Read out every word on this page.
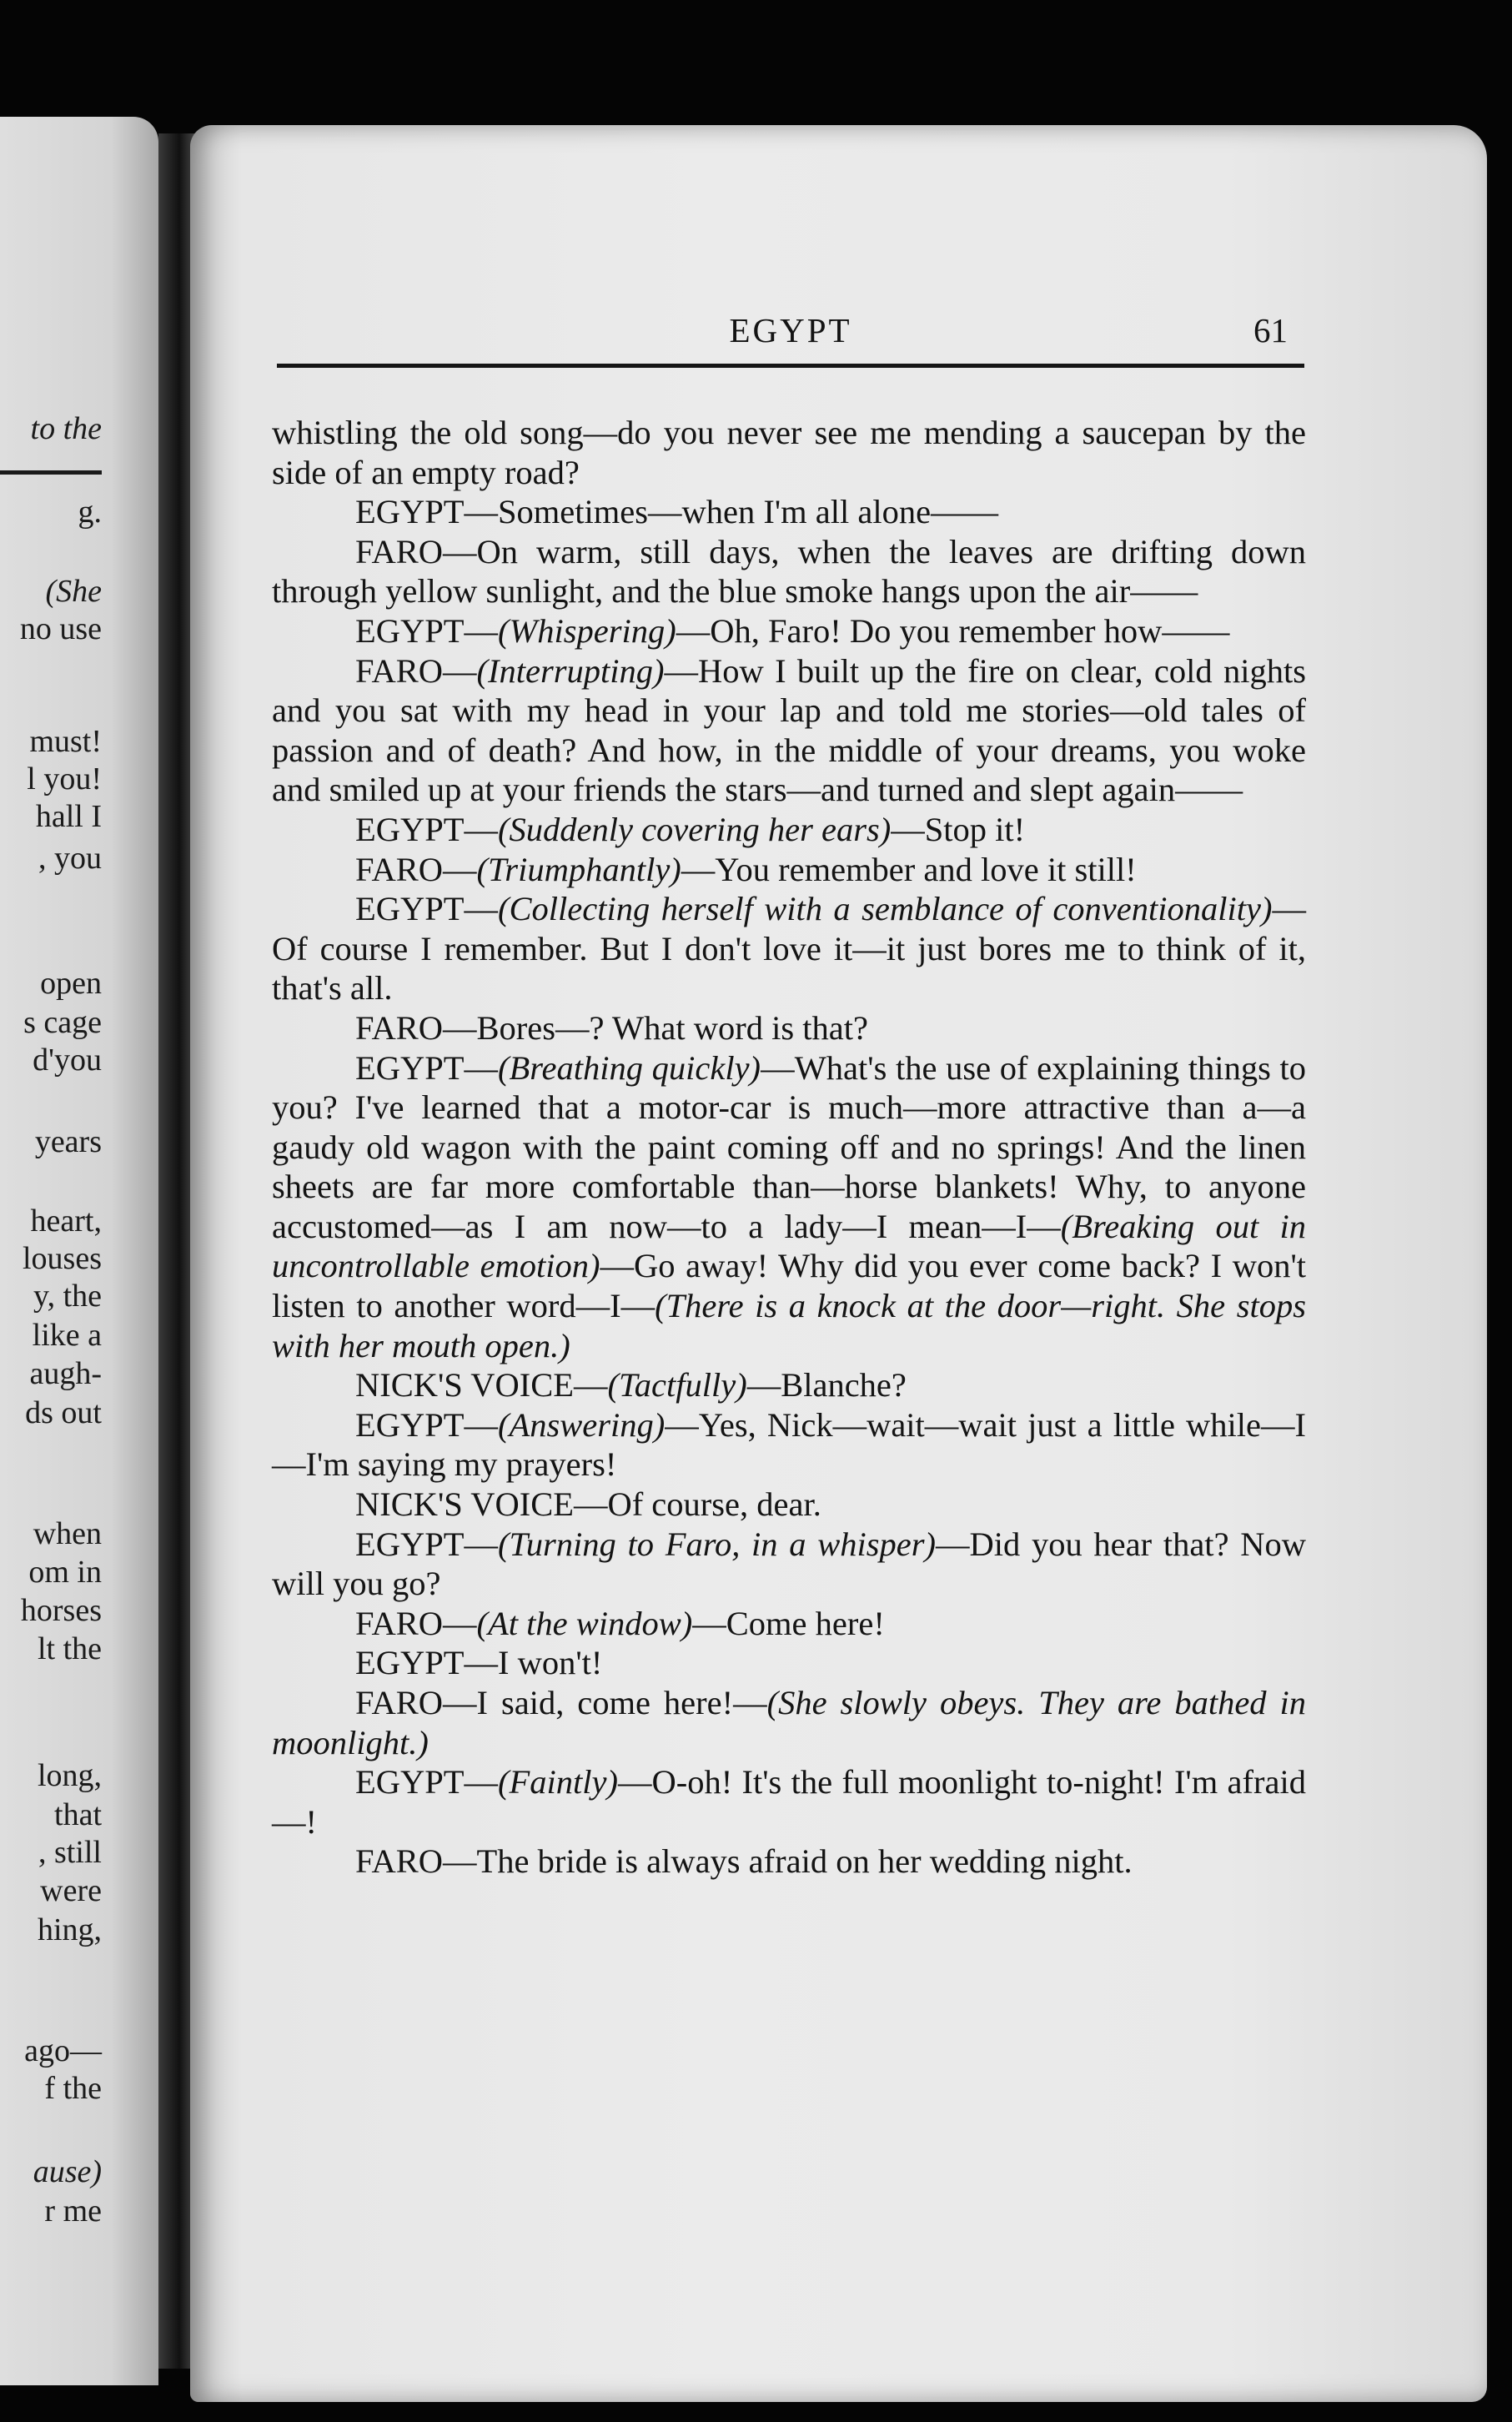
to the
g.
(She
no use
must!
l you!
hall I
, you
open
s cage
d'you
years
heart,
louses
y, the
like a
augh-
ds out
when
om in
horses
lt the
long,
that
, still
were
hing,
ago—
f the
ause)
r me
EGYPT	61

whistling the old song—do you never see me mending a saucepan by the side of an empty road?

EGYPT—Sometimes—when I'm all alone——

FARO—On warm, still days, when the leaves are drifting down through yellow sunlight, and the blue smoke hangs upon the air——

EGYPT—(Whispering)—Oh, Faro! Do you remember how——

FARO—(Interrupting)—How I built up the fire on clear, cold nights and you sat with my head in your lap and told me stories—old tales of passion and of death? And how, in the middle of your dreams, you woke and smiled up at your friends the stars—and turned and slept again——

EGYPT—(Suddenly covering her ears)—Stop it!

FARO—(Triumphantly)—You remember and love it still!

EGYPT—(Collecting herself with a semblance of conventionality)—Of course I remember. But I don't love it—it just bores me to think of it, that's all.

FARO—Bores—? What word is that?

EGYPT—(Breathing quickly)—What's the use of explaining things to you? I've learned that a motor-car is much—more attractive than a—a gaudy old wagon with the paint coming off and no springs! And the linen sheets are far more comfortable than—horse blankets! Why, to anyone accustomed—as I am now—to a lady—I mean—I—(Breaking out in uncontrollable emotion)—Go away! Why did you ever come back? I won't listen to another word—I—(There is a knock at the door—right. She stops with her mouth open.)

NICK'S VOICE—(Tactfully)—Blanche?

EGYPT—(Answering)—Yes, Nick—wait—wait just a little while—I—I'm saying my prayers!

NICK'S VOICE—Of course, dear.

EGYPT—(Turning to Faro, in a whisper)—Did you hear that? Now will you go?

FARO—(At the window)—Come here!

EGYPT—I won't!

FARO—I said, come here!—(She slowly obeys. They are bathed in moonlight.)

EGYPT—(Faintly)—O-oh! It's the full moonlight to-night! I'm afraid—!

FARO—The bride is always afraid on her wedding night.
